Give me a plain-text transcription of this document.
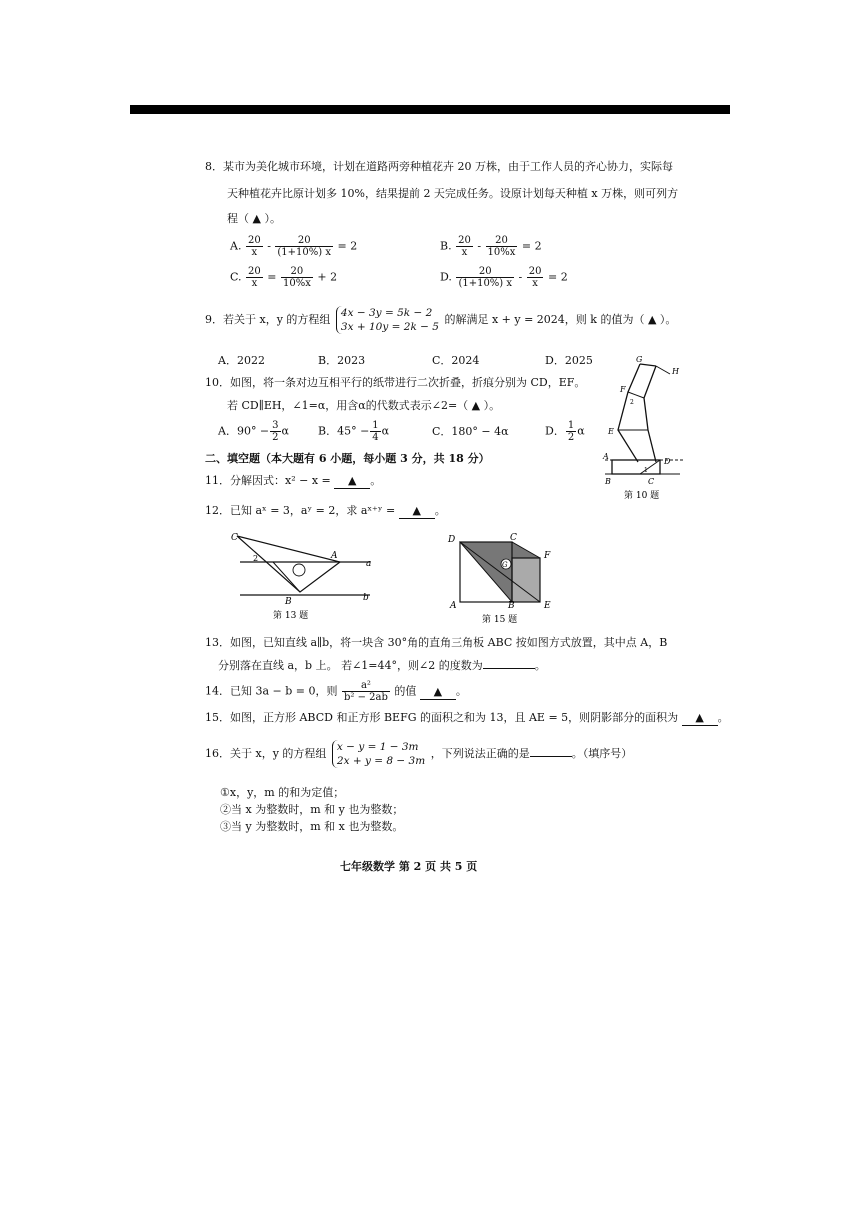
8．某市为美化城市环境，计划在道路两旁种植花卉 20 万株，由于工作人员的齐心协力，实际每
天种植花卉比原计划多 10%，结果提前 2 天完成任务。设原计划每天种植 x 万株，则可列方
程（ ▲ ）。
A. $\frac{20}{x} - \frac{20}{(1+10\%) x} = 2$	B. $\frac{20}{x} - \frac{20}{10\%x} = 2$
C. $\frac{20}{x} = \frac{20}{10\%x} + 2$	D. $\frac{20}{(1+10\%) x} - \frac{20}{x} = 2$
9．若关于 x，y 的方程组 4x − 3y = 5k − 2
3x + 10y = 2k − 5
的解满足 x + y = 2024，则 k 的值为（ ▲ ）。
A．2022	B．2023	C．2024	D．2025
10．如图，将一条对边互相平行的纸带进行二次折叠，折痕分别为 CD，EF。
若 CD∥EH，∠1=α，用含α的代数式表示∠2=（ ▲ ）。
A．$90^\circ - \frac{3}{2}$ α	B．$45^\circ - \frac{1}{4}$ α	C．180° − 4α	D． $\frac{1}{2}$ α
G
H
F
2
E
A
B	C
D
1
第 10 题
二、填空题（本大题有 6 小题，每小题 3 分，共 18 分）
11．分解因式：x² − x = ▲ 。
12．已知 aˣ = 3，aʸ = 2，求 aˣ⁺ʸ = ▲ 。
C
A
a
B	b
2
第 13 题
D	C
F
G
A	B	E
第 15 题
13．如图，已知直线 a∥b，将一块含 30°角的直角三角板 ABC 按如图方式放置，其中点 A，B
分别落在直线 a，b 上。 若∠1=44°，则∠2 的度数为	。
14．已知 3a − b = 0，则 $\frac{\text{a²}}{\text{b² − 2ab}}$ 的值 ▲ 。
15．如图，正方形 ABCD 和正方形 BEFG 的面积之和为 13，且 AE = 5，则阴影部分的面积为 ▲ 。
16．关于 x，y 的方程组 x − y = 1 − 3m
2x + y = 8 − 3m
，下列说法正确的是	。（填序号）
①x，y，m 的和为定值；
②当 x 为整数时，m 和 y 也为整数；
③当 y 为整数时，m 和 x 也为整数。
七年级数学 第 2 页 共 5 页
